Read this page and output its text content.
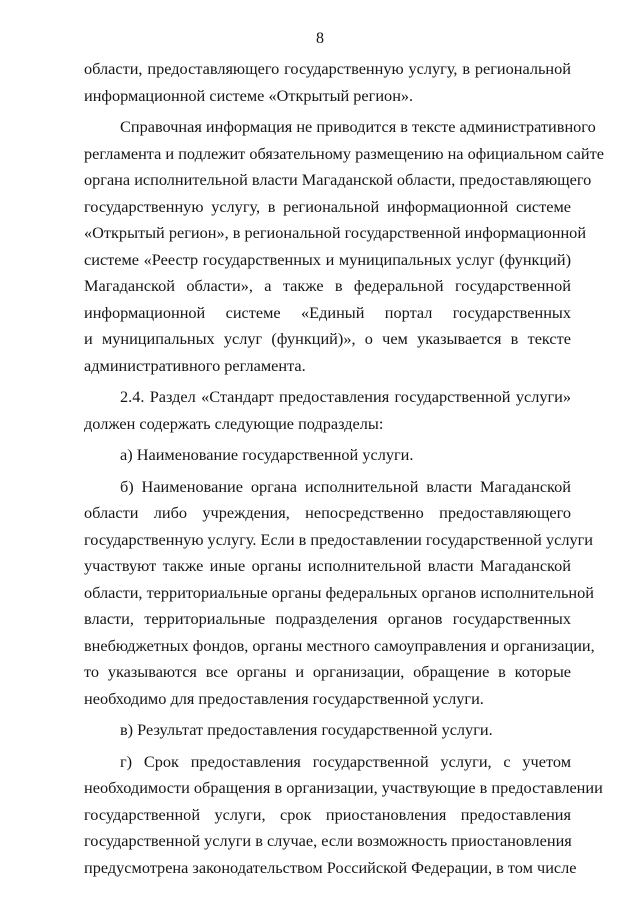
8
области, предоставляющего государственную услугу, в региональной
информационной системе «Открытый регион».
Справочная информация не приводится в тексте административного
регламента и подлежит обязательному размещению на официальном сайте
органа исполнительной власти Магаданской области, предоставляющего
государственную услугу, в региональной информационной системе
«Открытый регион», в региональной государственной информационной
системе «Реестр государственных и муниципальных услуг (функций)
Магаданской области», а также в федеральной государственной
информационной системе «Единый портал государственных
и муниципальных услуг (функций)», о чем указывается в тексте
административного регламента.
2.4. Раздел «Стандарт предоставления государственной услуги»
должен содержать следующие подразделы:
а) Наименование государственной услуги.
б) Наименование органа исполнительной власти Магаданской
области либо учреждения, непосредственно предоставляющего
государственную услугу. Если в предоставлении государственной услуги
участвуют также иные органы исполнительной власти Магаданской
области, территориальные органы федеральных органов исполнительной
власти, территориальные подразделения органов государственных
внебюджетных фондов, органы местного самоуправления и организации,
то указываются все органы и организации, обращение в которые
необходимо для предоставления государственной услуги.
в) Результат предоставления государственной услуги.
г) Срок предоставления государственной услуги, с учетом
необходимости обращения в организации, участвующие в предоставлении
государственной услуги, срок приостановления предоставления
государственной услуги в случае, если возможность приостановления
предусмотрена законодательством Российской Федерации, в том числе
